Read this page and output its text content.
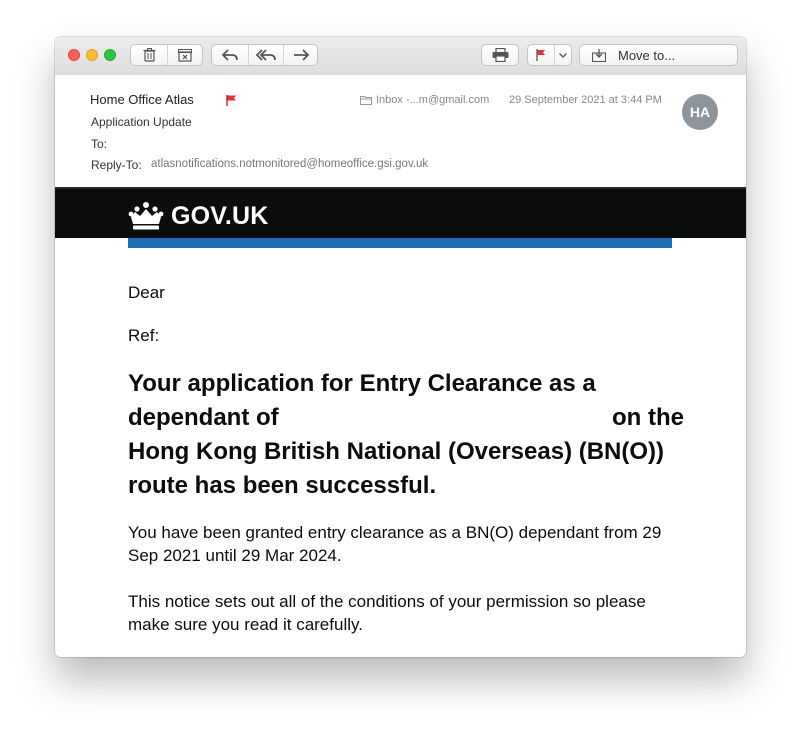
Move to...
Home Office Atlas
Application Update
To:
Reply-To: atlasnotifications.notmonitored@homeoffice.gsi.gov.uk
Inbox -...m@gmail.com 29 September 2021 at 3:44 PM
HA
GOV.UK
Dear
Ref:
Your application for Entry Clearance as a dependant of	on the Hong Kong British National (Overseas) (BN(O)) route has been successful.
You have been granted entry clearance as a BN(O) dependant from 29 Sep 2021 until 29 Mar 2024.
This notice sets out all of the conditions of your permission so please make sure you read it carefully.
